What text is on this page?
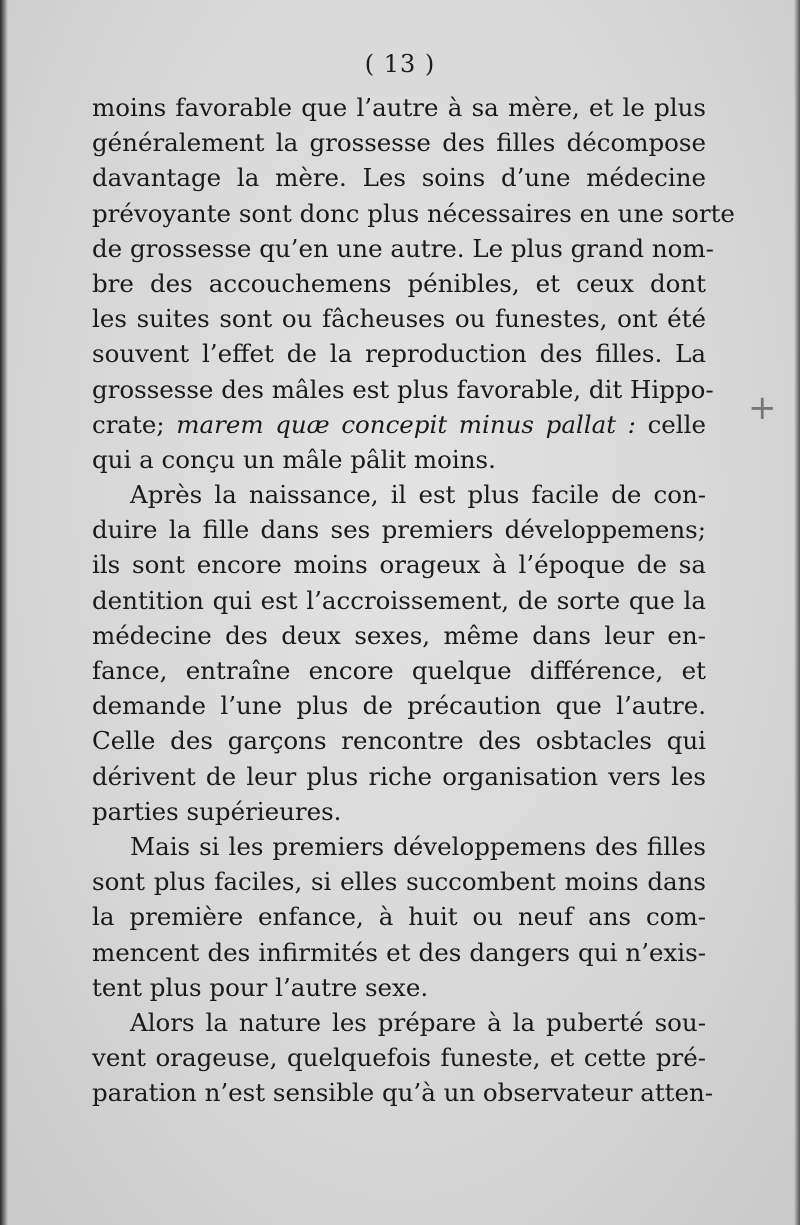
( 13 )
+
moins favorable que l’autre à sa mère, et le plus
généralement la grossesse des filles décompose
davantage la mère. Les soins d’une médecine
prévoyante sont donc plus nécessaires en une sorte
de grossesse qu’en une autre. Le plus grand nom-
bre des accouchemens pénibles, et ceux dont
les suites sont ou fâcheuses ou funestes, ont été
souvent l’effet de la reproduction des filles. La
grossesse des mâles est plus favorable, dit Hippo-
crate; marem quæ concepit minus pallat : celle
qui a conçu un mâle pâlit moins.
Après la naissance, il est plus facile de con-
duire la fille dans ses premiers développemens;
ils sont encore moins orageux à l’époque de sa
dentition qui est l’accroissement, de sorte que la
médecine des deux sexes, même dans leur en-
fance, entraîne encore quelque différence, et
demande l’une plus de précaution que l’autre.
Celle des garçons rencontre des osbtacles qui
dérivent de leur plus riche organisation vers les
parties supérieures.
Mais si les premiers développemens des filles
sont plus faciles, si elles succombent moins dans
la première enfance, à huit ou neuf ans com-
mencent des infirmités et des dangers qui n’exis-
tent plus pour l’autre sexe.
Alors la nature les prépare à la puberté sou-
vent orageuse, quelquefois funeste, et cette pré-
paration n’est sensible qu’à un observateur atten-
